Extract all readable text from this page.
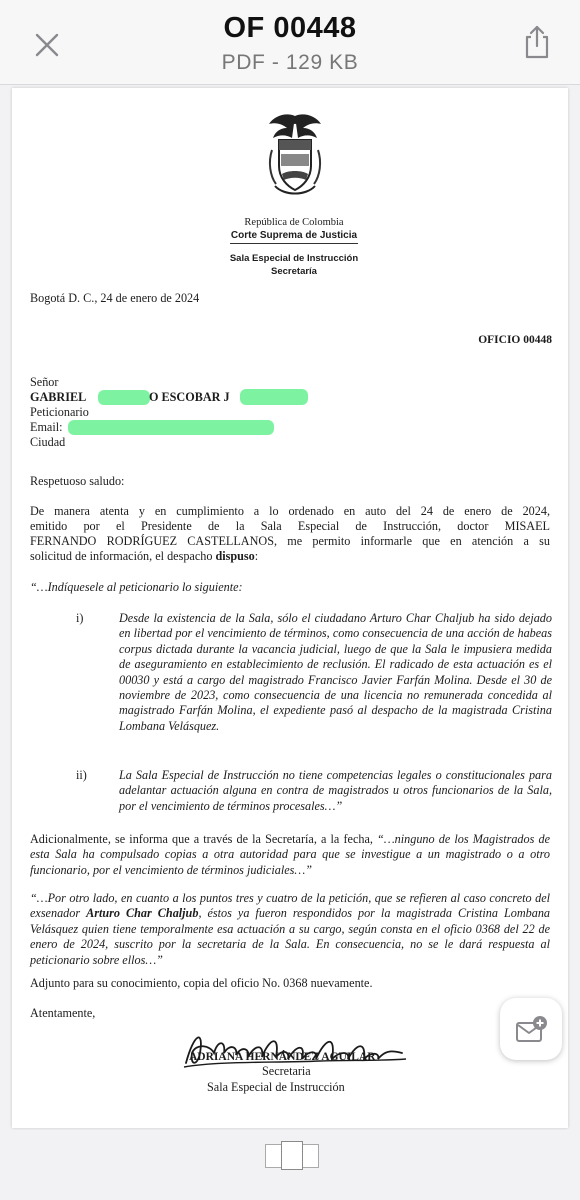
OF 00448
PDF - 129 KB
República de Colombia
Corte Suprema de Justicia
Sala Especial de Instrucción
Secretaría
Bogotá D. C., 24 de enero de 2024
OFICIO 00448
Señor
GABRIEL	O ESCOBAR J
Peticionario
Email:
Ciudad
Respetuoso saludo:
De manera atenta y en cumplimiento a lo ordenado en auto del 24 de enero de 2024,
emitido por el Presidente de la Sala Especial de Instrucción, doctor MISAEL
FERNANDO RODRÍGUEZ CASTELLANOS, me permito informarle que en atención a su
solicitud de información, el despacho dispuso:
“…Indíquesele al peticionario lo siguiente:
i)	Desde la existencia de la Sala, sólo el ciudadano Arturo Char Chaljub ha sido dejado en libertad por el vencimiento de términos, como consecuencia de una acción de habeas corpus dictada durante la vacancia judicial, luego de que la Sala le impusiera medida de aseguramiento en establecimiento de reclusión. El radicado de esta actuación es el 00030 y está a cargo del magistrado Francisco Javier Farfán Molina. Desde el 30 de noviembre de 2023, como consecuencia de una licencia no remunerada concedida al magistrado Farfán Molina, el expediente pasó al despacho de la magistrada Cristina Lombana Velásquez.
ii)	La Sala Especial de Instrucción no tiene competencias legales o constitucionales para adelantar actuación alguna en contra de magistrados u otros funcionarios de la Sala, por el vencimiento de términos procesales…”
Adicionalmente, se informa que a través de la Secretaría, a la fecha, “…ninguno de los Magistrados de esta Sala ha compulsado copias a otra autoridad para que se investigue a un magistrado o a otro funcionario, por el vencimiento de términos judiciales…”
“…Por otro lado, en cuanto a los puntos tres y cuatro de la petición, que se refieren al caso concreto del exsenador Arturo Char Chaljub, éstos ya fueron respondidos por la magistrada Cristina Lombana Velásquez quien tiene temporalmente esa actuación a su cargo, según consta en el oficio 0368 del 22 de enero de 2024, suscrito por la secretaria de la Sala. En consecuencia, no se le dará respuesta al peticionario sobre ellos…”
Adjunto para su conocimiento, copia del oficio No. 0368 nuevamente.
Atentamente,
ADRIANA HERNÁNDEZ AGUILAR
Secretaria
Sala Especial de Instrucción
